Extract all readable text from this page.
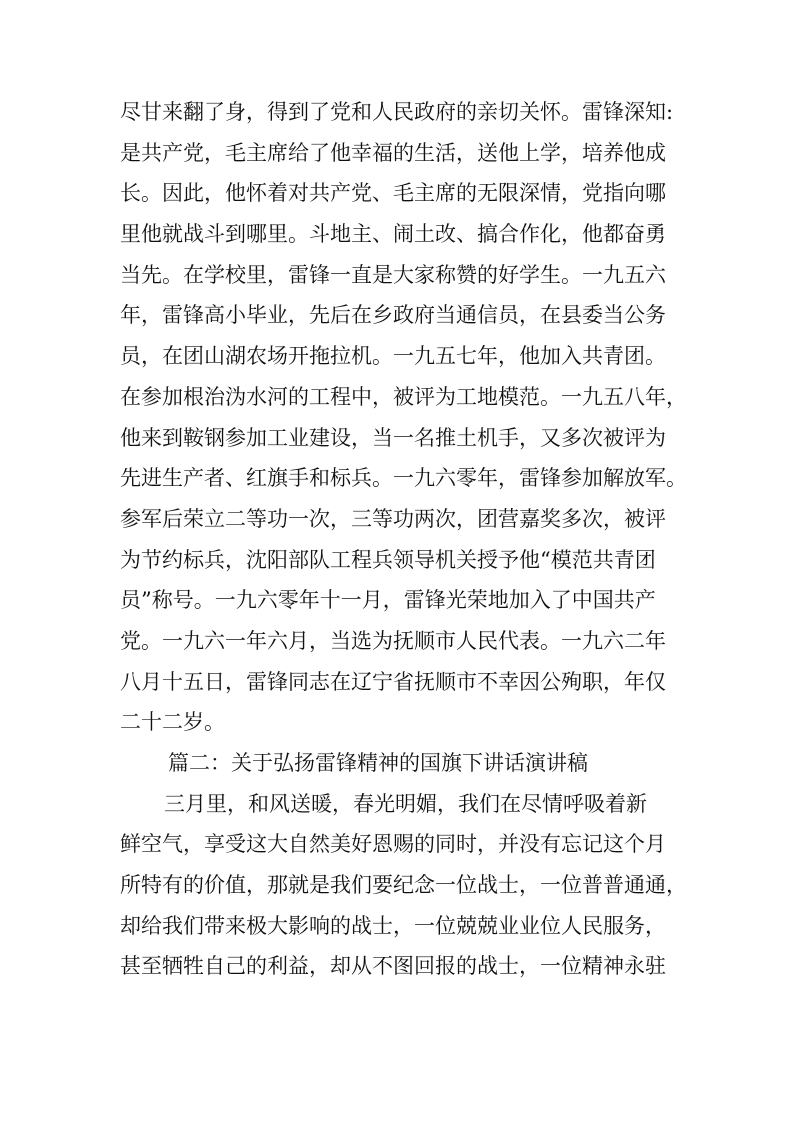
尽甘来翻了身，得到了党和人民政府的亲切关怀。雷锋深知:
是共产党，毛主席给了他幸福的生活，送他上学，培养他成
长。因此，他怀着对共产党、毛主席的无限深情，党指向哪
里他就战斗到哪里。斗地主、闹土改、搞合作化，他都奋勇
当先。在学校里，雷锋一直是大家称赞的好学生。一九五六
年，雷锋高小毕业，先后在乡政府当通信员，在县委当公务
员，在团山湖农场开拖拉机。一九五七年，他加入共青团。
在参加根治沩水河的工程中，被评为工地模范。一九五八年，
他来到鞍钢参加工业建设，当一名推土机手，又多次被评为
先进生产者、红旗手和标兵。一九六零年，雷锋参加解放军。
参军后荣立二等功一次，三等功两次，团营嘉奖多次，被评
为节约标兵，沈阳部队工程兵领导机关授予他“模范共青团
员”称号。一九六零年十一月，雷锋光荣地加入了中国共产
党。一九六一年六月，当选为抚顺市人民代表。一九六二年
八月十五日，雷锋同志在辽宁省抚顺市不幸因公殉职，年仅
二十二岁。
篇二：关于弘扬雷锋精神的国旗下讲话演讲稿
三月里，和风送暖，春光明媚，我们在尽情呼吸着新
鲜空气，享受这大自然美好恩赐的同时，并没有忘记这个月
所特有的价值，那就是我们要纪念一位战士，一位普普通通，
却给我们带来极大影响的战士，一位兢兢业业位人民服务，
甚至牺牲自己的利益，却从不图回报的战士，一位精神永驻
